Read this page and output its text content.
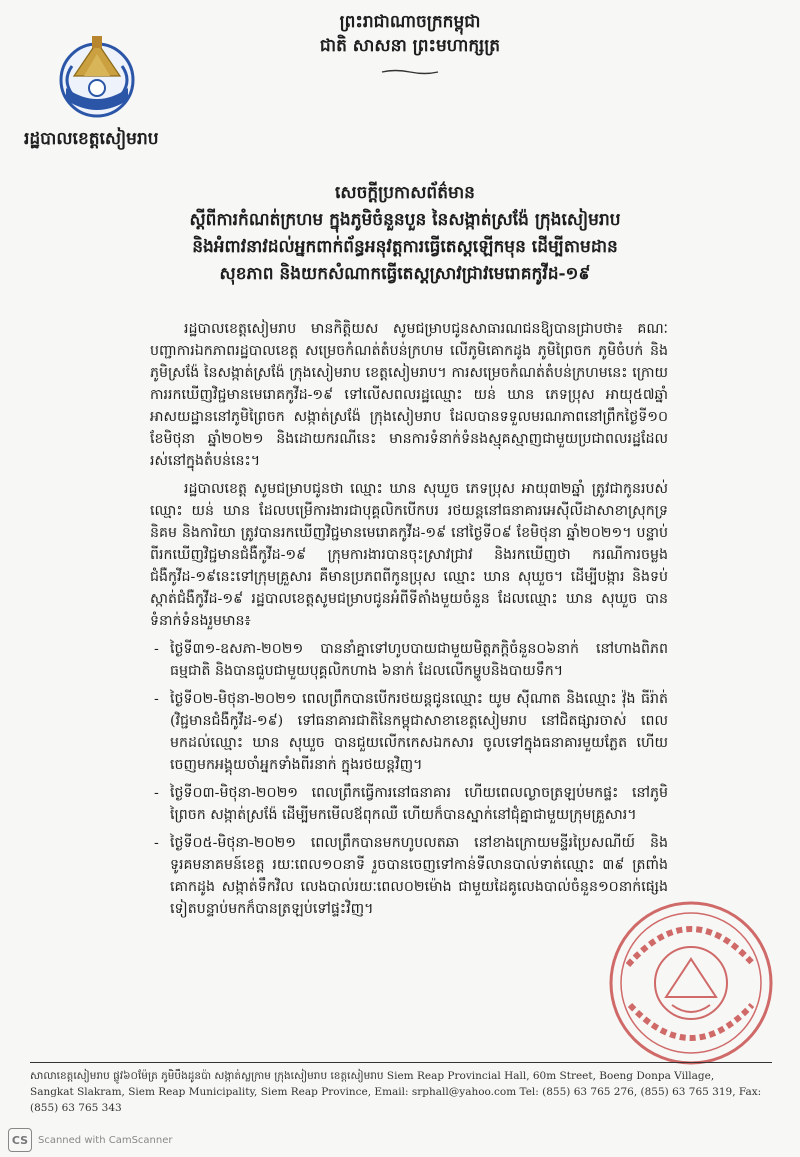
ព្រះរាជាណាចក្រកម្ពុជា
ជាតិ សាសនា ព្រះមហាក្សត្រ
រដ្ឋបាលខេត្តសៀមរាប
សេចក្តីប្រកាសព័ត៌មាន
ស្តីពីការកំណត់ក្រហម ក្នុងភូមិចំនួនបួន នៃសង្កាត់ស្រង៉ែ ក្រុងសៀមរាប
និងអំពាវនាវដល់អ្នកពាក់ព័ន្ធអនុវត្តការធ្វើតេស្តឡើកមុន ដើម្បីតាមដាន
សុខភាព និងយកសំណាកធ្វើតេស្តស្រាវជ្រាវមេរោគកូវីដ-១៩

រដ្ឋបាលខេត្តសៀមរាប មានកិត្តិយស សូមជម្រាបជូនសាធារណជនឱ្យបានជ្រាបថា៖ គណៈបញ្ជាការឯកភាពរដ្ឋបាលខេត្ត សម្រេចកំណត់តំបន់ក្រហម លើភូមិគោកដូង ភូមិព្រៃចក ភូមិចំបក់ និងភូមិស្រង៉ែ នៃសង្កាត់ស្រង៉ែ ក្រុងសៀមរាប ខេត្តសៀមរាប។ ការសម្រេចកំណត់តំបន់ក្រហមនេះ ក្រោយការរកឃើញវិជ្ជមានមេរោគកូវីដ-១៩ ទៅលើសពលរដ្ឋឈ្មោះ យន់ ឃាន ភេទប្រុស អាយុ៥៧ឆ្នាំ អាសយដ្ឋាននៅភូមិព្រៃចក សង្កាត់ស្រង៉ែ ក្រុងសៀមរាប ដែលបានទទួលមរណភាពនៅព្រឹកថ្ងៃទី១០ ខែមិថុនា ឆ្នាំ២០២១ និងដោយករណីនេះ មានការទំនាក់ទំនងស្មុគស្មាញជាមួយប្រជាពលរដ្ឋដែលរស់នៅក្នុងតំបន់នេះ។

រដ្ឋបាលខេត្ត សូមជម្រាបជូនថា ឈ្មោះ ឃាន សុឃួច ភេទប្រុស អាយុ៣២ឆ្នាំ ត្រូវជាកូនរបស់ឈ្មោះ យន់ ឃាន ដែលបម្រើការងារជាបុគ្គលិកបើកបរ រថយន្តនៅធនាគារអេស៊ីលីដាសាខាស្រុកទ្រនិគម និងការិយា ត្រូវបានរកឃើញវិជ្ជមានមេរោគកូវីដ-១៩ នៅថ្ងៃទី០៩ ខែមិថុនា ឆ្នាំ២០២១។ បន្ទាប់ពីរកឃើញវិជ្ជមានជំងឺកូវីដ-១៩ ក្រុមការងារបានចុះស្រាវជ្រាវ និងរកឃើញថា ករណីការចម្លងជំងឺកូវីដ-១៩នេះទៅក្រុមគ្រួសារ គឺមានប្រភពពីកូនប្រុស ឈ្មោះ ឃាន សុឃួច។ ដើម្បីបង្ការ និងទប់ស្កាត់ជំងឺកូវីដ-១៩ រដ្ឋបាលខេត្តសូមជម្រាបជូនអំពីទីតាំងមួយចំនួន ដែលឈ្មោះ ឃាន សុឃួច បានទំនាក់ទំនងរួមមាន៖

- ថ្ងៃទី៣១-ឧសភា-២០២១ បាននាំគ្នាទៅហូបបាយជាមួយមិត្តភក្តិចំនួន០៦នាក់ នៅហាងពិភពធម្មជាតិ និងបានជួបជាមួយបុគ្គលិកហាង ៦នាក់ ដែលលើកម្ហូបនិងបាយទឹក។
- ថ្ងៃទី០២-មិថុនា-២០២១ ពេលព្រឹកបានបើករថយន្តជូនឈ្មោះ យូម ស៊ីណាត និងឈ្មោះ វ៉ុង ធីរ៉ាត់ (វិជ្ជមានជំងឺកូវីដ-១៩) ទៅធនាគារជាតិនៃកម្ពុជាសាខាខេត្តសៀមរាប នៅជិតផ្សារចាស់ ពេលមកដល់ឈ្មោះ ឃាន សុឃួច បានជួយលើកកេសឯកសារ ចូលទៅក្នុងធនាគារមួយភ្លែត ហើយចេញមកអង្គុយចាំអ្នកទាំងពីរនាក់ ក្នុងរថយន្តវិញ។
- ថ្ងៃទី០៣-មិថុនា-២០២១ ពេលព្រឹកធ្វើការនៅធនាគារ ហើយពេលល្ងាចត្រឡប់មកផ្ទះ នៅភូមិព្រៃចក សង្កាត់ស្រង៉ែ ដើម្បីមកមើលឪពុកឈឺ ហើយក៏បានស្នាក់នៅជុំគ្នាជាមួយក្រុមគ្រួសារ។
- ថ្ងៃទី០៥-មិថុនា-២០២១ ពេលព្រឹកបានមកហូបលតឆា នៅខាងក្រោយមន្ទីរប្រៃសណីយ៍ និងទូរគមនាគមន៍ខេត្ត រយៈពេល១០នាទី រួចបានចេញទៅកាន់ទីលានបាល់ទាត់ឈ្មោះ ៣៩ ត្រពាំង គោកដូង សង្កាត់ទឹកវិល លេងបាល់រយៈពេល០២ម៉ោង ជាមួយដៃគូលេងបាល់ចំនួន១០នាក់ផ្សេងទៀតបន្ទាប់មកក៏បានត្រឡប់ទៅផ្ទះវិញ។
សាលាខេត្តសៀមរាប ផ្លូវ៦០ម៉ែត្រ ភូមិបឹងដូនប៉ា សង្កាត់ស្លក្រាម ក្រុងសៀមរាប ខេត្តសៀមរាប Siem Reap Provincial Hall, 60m Street, Boeng Donpa Village,
Sangkat Slakram, Siem Reap Municipality, Siem Reap Province, Email: srphall@yahoo.com Tel: (855) 63 765 276, (855) 63 765 319, Fax: (855) 63 765 343
CS Scanned with CamScanner
